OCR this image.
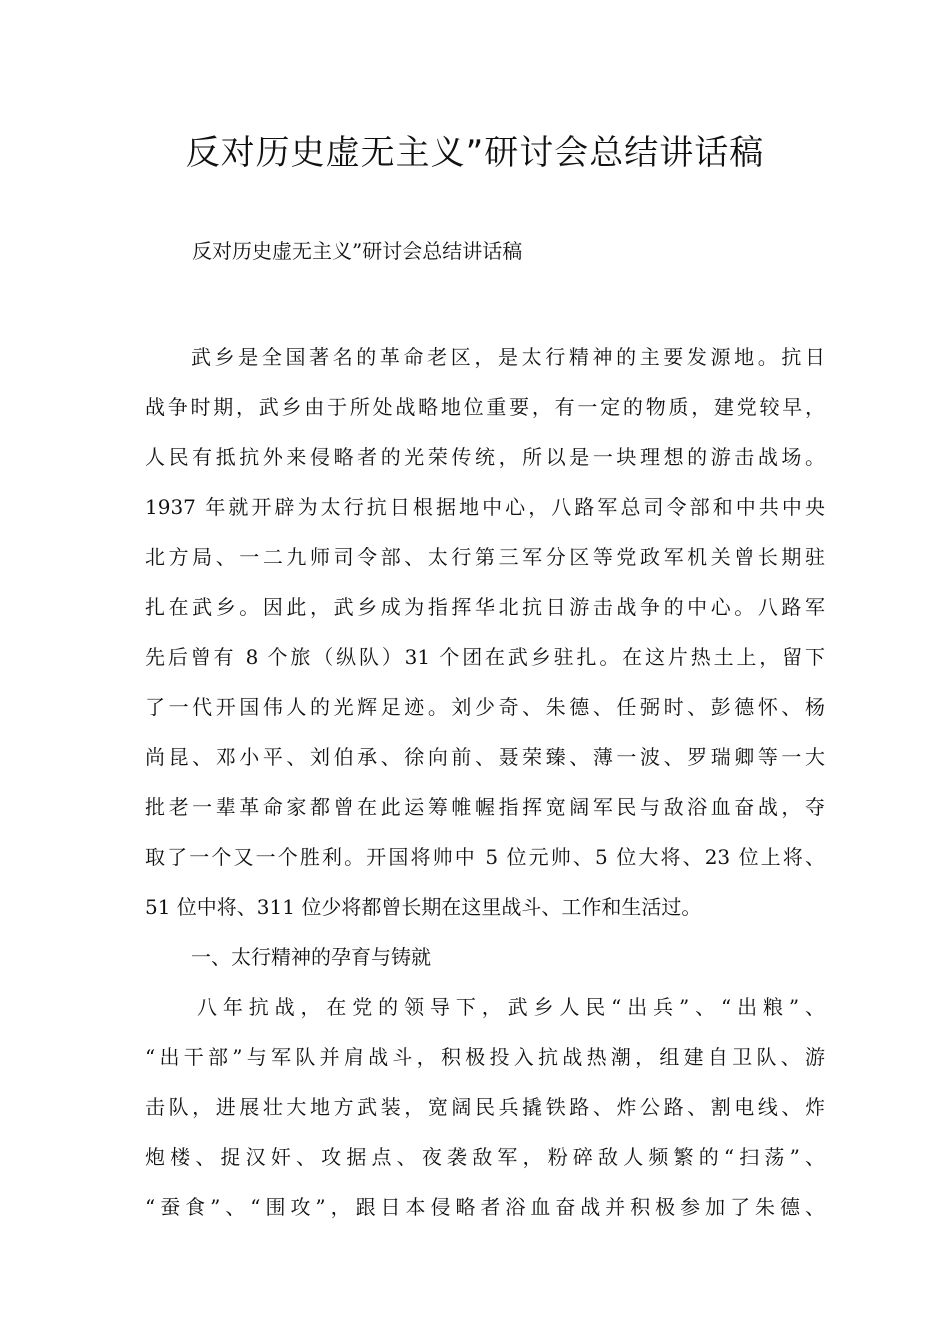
反对历史虚无主义”研讨会总结讲话稿

反对历史虚无主义”研讨会总结讲话稿

武乡是全国著名的革命老区，是太行精神的主要发源地。抗日
战争时期，武乡由于所处战略地位重要，有一定的物质，建党较早，
人民有抵抗外来侵略者的光荣传统，所以是一块理想的游击战场。
1937 年就开辟为太行抗日根据地中心，八路军总司令部和中共中央
北方局、一二九师司令部、太行第三军分区等党政军机关曾长期驻
扎在武乡。因此，武乡成为指挥华北抗日游击战争的中心。八路军
先后曾有 8 个旅（纵队）31 个团在武乡驻扎。在这片热土上，留下
了一代开国伟人的光辉足迹。刘少奇、朱德、任弼时、彭德怀、杨
尚昆、邓小平、刘伯承、徐向前、聂荣臻、薄一波、罗瑞卿等一大
批老一辈革命家都曾在此运筹帷幄指挥宽阔军民与敌浴血奋战，夺
取了一个又一个胜利。开国将帅中 5 位元帅、5 位大将、23 位上将、
51 位中将、311 位少将都曾长期在这里战斗、工作和生活过。
一、太行精神的孕育与铸就
八年抗战，在党的领导下，武乡人民“出兵”、“出粮”、
“出干部”与军队并肩战斗，积极投入抗战热潮，组建自卫队、游
击队，进展壮大地方武装，宽阔民兵撬铁路、炸公路、割电线、炸
炮楼、捉汉奸、攻据点、夜袭敌军，粉碎敌人频繁的“扫荡”、
“蚕食”、“围攻”，跟日本侵略者浴血奋战并积极参加了朱德、
